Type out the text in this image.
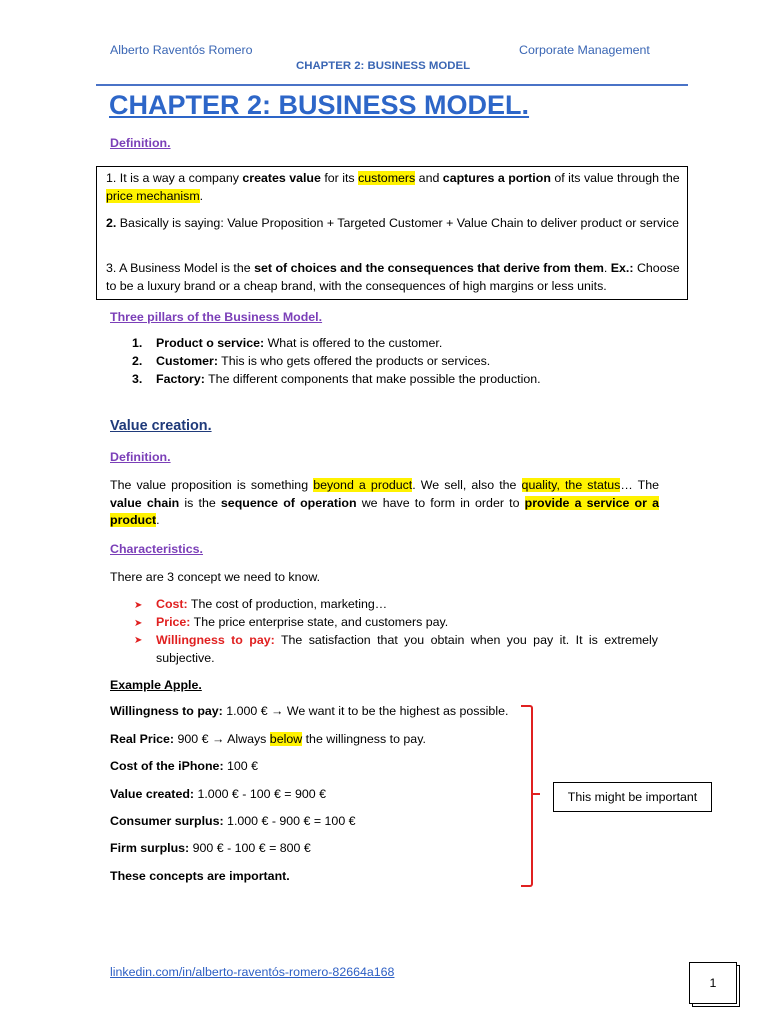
Alberto Raventós Romero	Corporate Management
CHAPTER 2: BUSINESS MODEL
CHAPTER 2: BUSINESS MODEL.
Definition.
1. It is a way a company creates value for its customers and captures a portion of its value through the price mechanism.
2. Basically is saying: Value Proposition + Targeted Customer + Value Chain to deliver product or service
3. A Business Model is the set of choices and the consequences that derive from them. Ex.: Choose to be a luxury brand or a cheap brand, with the consequences of high margins or less units.
Three pillars of the Business Model.
1. Product o service: What is offered to the customer.
2. Customer: This is who gets offered the products or services.
3. Factory: The different components that make possible the production.
Value creation.
Definition.
The value proposition is something beyond a product. We sell, also the quality, the status… The value chain is the sequence of operation we have to form in order to provide a service or a product.
Characteristics.
There are 3 concept we need to know.
➤ Cost: The cost of production, marketing…
➤ Price: The price enterprise state, and customers pay.
➤	Willingness to pay: The satisfaction that you obtain when you pay it. It is extremely subjective.
Example Apple.
Willingness to pay: 1.000 € → We want it to be the highest as possible.
Real Price: 900 € → Always below the willingness to pay.
Cost of the iPhone: 100 €
Value created: 1.000 € - 100 € = 900 €
Consumer surplus: 1.000 € - 900 € = 100 €
Firm surplus: 900 € - 100 € = 800 €
These concepts are important.
This might be important
linkedin.com/in/alberto-raventós-romero-82664a168
1
